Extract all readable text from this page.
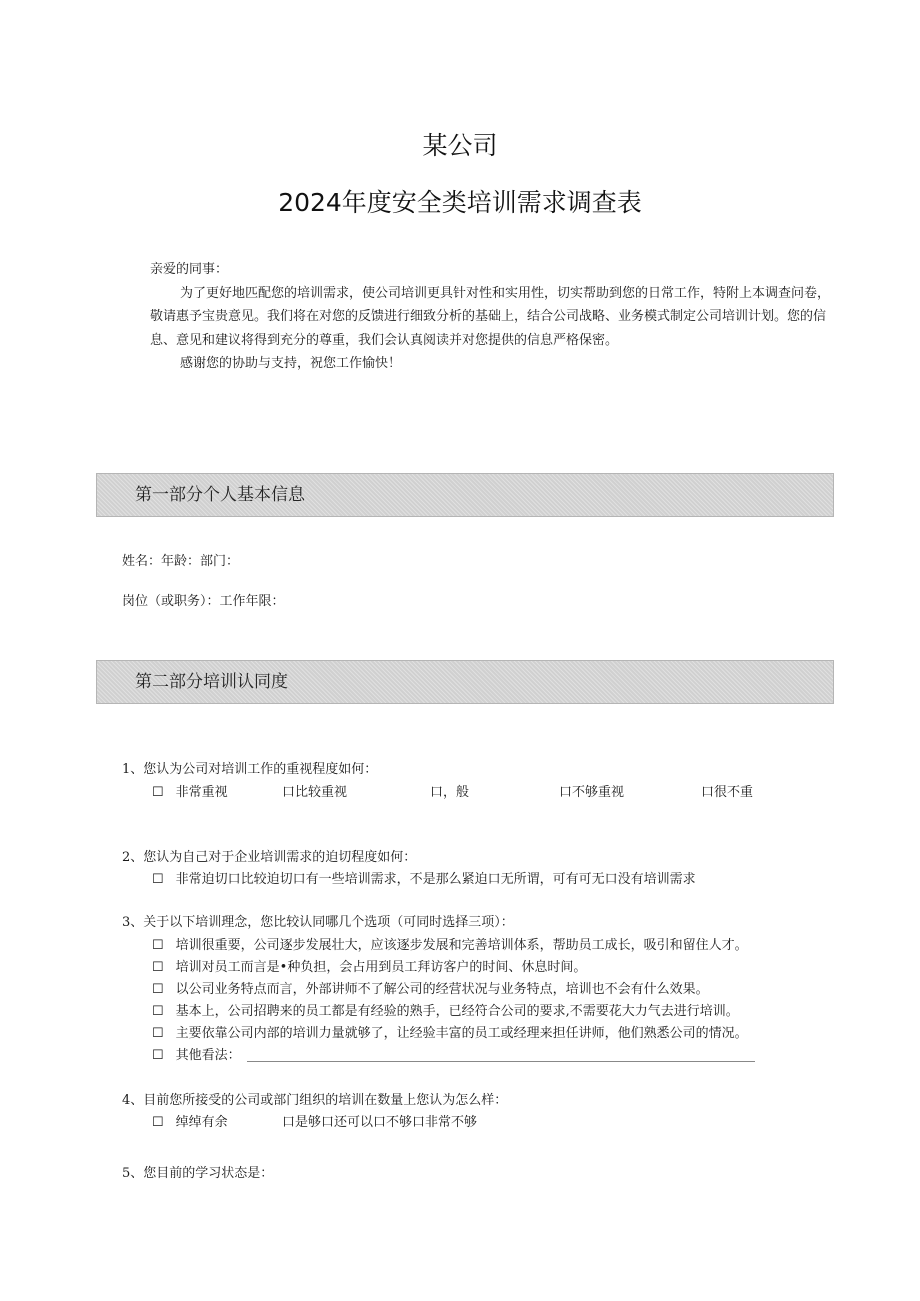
某公司
2024年度安全类培训需求调查表

亲爱的同事：

为了更好地匹配您的培训需求，使公司培训更具针对性和实用性，切实帮助到您的日常工作，特附上本调查问卷，敬请惠予宝贵意见。我们将在对您的反馈进行细致分析的基础上，结合公司战略、业务模式制定公司培训计划。您的信息、意见和建议将得到充分的尊重，我们会认真阅读并对您提供的信息严格保密。

感谢您的协助与支持，祝您工作愉快！

第一部分个人基本信息
姓名：年龄：部门：
岗位（或职务）：工作年限：
第二部分培训认同度
1、您认为公司对培训工作的重视程度如何：
☐ 非常重视	口比较重视	口，般	口不够重视	口很不重
2、您认为自己对于企业培训需求的迫切程度如何：
☐ 非常迫切口比较迫切口有一些培训需求，不是那么紧迫口无所谓，可有可无口没有培训需求
3、关于以下培训理念，您比较认同哪几个选项（可同时选择三项）：
☐ 培训很重要，公司逐步发展壮大，应该逐步发展和完善培训体系，帮助员工成长，吸引和留住人才。
☐ 培训对员工而言是•种负担，会占用到员工拜访客户的时间、休息时间。
☐ 以公司业务特点而言，外部讲师不了解公司的经营状况与业务特点，培训也不会有什么效果。
☐ 基本上，公司招聘来的员工都是有经验的熟手，已经符合公司的要求,不需要花大力气去进行培训。
☐ 主要依靠公司内部的培训力量就够了，让经验丰富的员工或经理来担任讲师，他们熟悉公司的情况。
☐ 其他看法：
4、目前您所接受的公司或部门组织的培训在数量上您认为怎么样：
☐ 绰绰有余	口是够口还可以口不够口非常不够
5、您目前的学习状态是：
